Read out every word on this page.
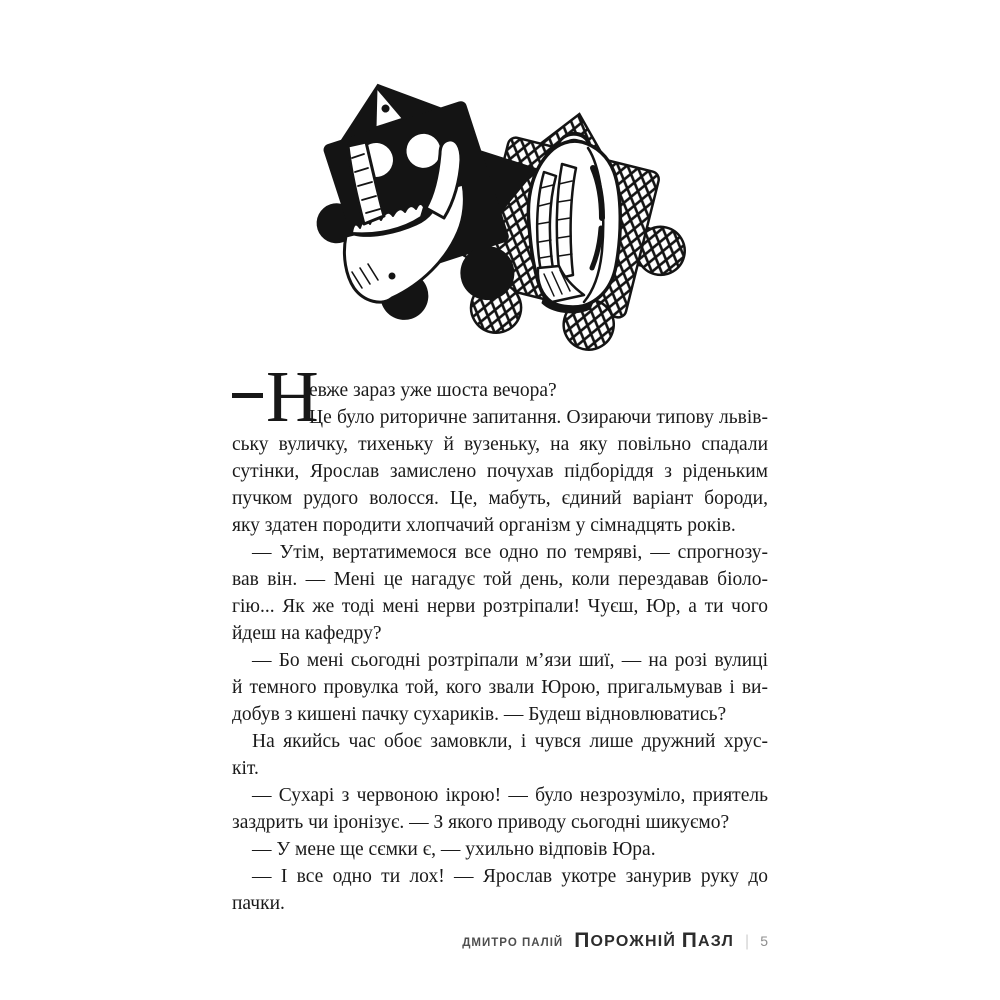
Н
евже зараз уже шоста вечора?
Це було риторичне запитання. Озираючи типову львів-
ську вуличку, тихеньку й вузеньку, на яку повільно спадали
сутінки, Ярослав замислено почухав підборіддя з ріденьким
пучком рудого волосся. Це, мабуть, єдиний варіант бороди,
яку здатен породити хлопчачий організм у сімнадцять років.
— Утім, вертатимемося все одно по темряві, — спрогнозу-
вав він. — Мені це нагадує той день, коли перездавав біоло-
гію... Як же тоді мені нерви розтріпали! Чуєш, Юр, а ти чого
йдеш на кафедру?
— Бо мені сьогодні розтріпали м’язи шиї, — на розі вулиці
й темного провулка той, кого звали Юрою, пригальмував і ви-
добув з кишені пачку сухариків. — Будеш відновлюватись?
На якийсь час обоє замовкли, і чувся лише дружний хрус-
кіт.
— Сухарі з червоною ікрою! — було незрозуміло, приятель
заздрить чи іронізує. — З якого приводу сьогодні шикуємо?
— У мене ще сємки є, — ухильно відповів Юра.
— І все одно ти лох! — Ярослав укотре занурив руку до
пачки.
ДМИТРО ПАЛІЙ ПОРОЖНІЙ ПАЗЛ | 5
